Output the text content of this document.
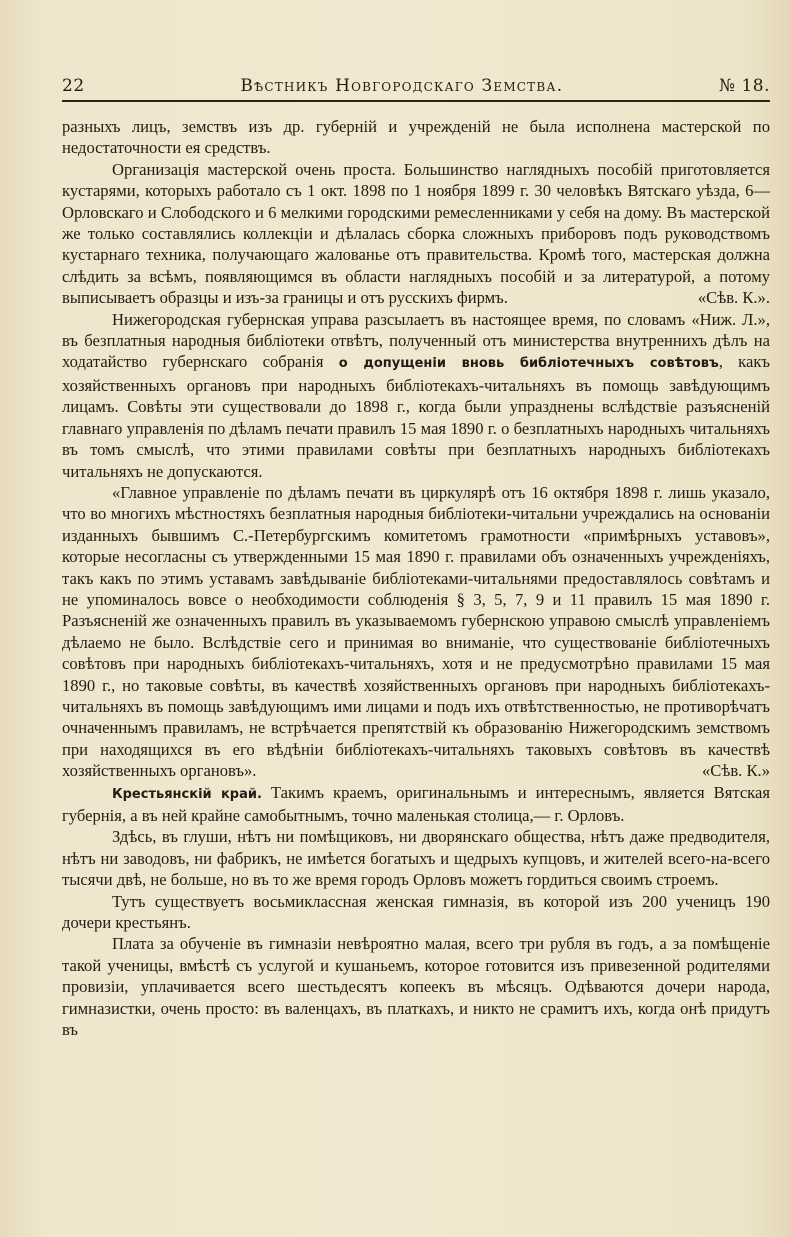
22	Вѣстникъ Новгородскаго Земства.	№ 18.

разныхъ лицъ, земствъ изъ др. губерній и учрежденій не была исполнена мастерской по недостаточности ея средствъ.

Организація мастерской очень проста. Большинство наглядныхъ пособій приготовляется кустарями, которыхъ работало съ 1 окт. 1898 по 1 ноября 1899 г. 30 человѣкъ Вятскаго уѣзда, 6—Орловскаго и Слободского и 6 мелкими городскими ремесленниками у себя на дому. Въ мастерской же только составлялись коллекціи и дѣлалась сборка сложныхъ приборовъ подъ руководствомъ кустарнаго техника, получающаго жалованье отъ правительства. Кромѣ того, мастерская должна слѣдить за всѣмъ, появляющимся въ области наглядныхъ пособій и за литературой, а потому выписываетъ образцы и изъ-за границы и отъ русскихъ фирмъ.	«Сѣв. К.».

Нижегородская губернская управа разсылаетъ въ настоящее время, по словамъ «Ниж. Л.», въ безплатныя народныя библіотеки отвѣтъ, полученный отъ министерства внутреннихъ дѣлъ на ходатайство губернскаго собранія о допущеніи вновь библіотечныхъ совѣтовъ, какъ хозяйственныхъ органовъ при народныхъ библіотекахъ-читальняхъ въ помощь завѣдующимъ лицамъ. Совѣты эти существовали до 1898 г., когда были упразднены вслѣдствіе разъясненій главнаго управленія по дѣламъ печати правилъ 15 мая 1890 г. о безплатныхъ народныхъ читальняхъ въ томъ смыслѣ, что этими правилами совѣты при безплатныхъ народныхъ библіотекахъ читальняхъ не допускаются.

«Главное управленіе по дѣламъ печати въ циркулярѣ отъ 16 октября 1898 г. лишь указало, что во многихъ мѣстностяхъ безплатныя народныя библіотеки-читальни учреждались на основаніи изданныхъ бывшимъ С.-Петербургскимъ комитетомъ грамотности «примѣрныхъ уставовъ», которые несогласны съ утвержденными 15 мая 1890 г. правилами объ означенныхъ учрежденіяхъ, такъ какъ по этимъ уставамъ завѣдываніе библіотеками-читальнями предоставлялось совѣтамъ и не упоминалось вовсе о необходимости соблюденія § 3, 5, 7, 9 и 11 правилъ 15 мая 1890 г. Разъясненій же означенныхъ правилъ въ указываемомъ губернскою управою смыслѣ управленіемъ дѣлаемо не было. Вслѣдствіе сего и принимая во вниманіе, что существованіе библіотечныхъ совѣтовъ при народныхъ библіотекахъ-читальняхъ, хотя и не предусмотрѣно правилами 15 мая 1890 г., но таковые совѣты, въ качествѣ хозяйственныхъ органовъ при народныхъ библіотекахъ-читальняхъ въ помощь завѣдующимъ ими лицами и подъ ихъ отвѣтственностью, не противорѣчатъ очначеннымъ правиламъ, не встрѣчается препятствій къ образованію Нижегородскимъ земствомъ при находящихся въ его вѣдѣніи библіотекахъ-читальняхъ таковыхъ совѣтовъ въ качествѣ хозяйственныхъ органовъ».	«Сѣв. К.»

Крестьянскій край. Такимъ краемъ, оригинальнымъ и интереснымъ, является Вятская губернія, а въ ней крайне самобытнымъ, точно маленькая столица,— г. Орловъ.

Здѣсь, въ глуши, нѣтъ ни помѣщиковъ, ни дворянскаго общества, нѣтъ даже предводителя, нѣтъ ни заводовъ, ни фабрикъ, не имѣется богатыхъ и щедрыхъ купцовъ, и жителей всего-на-всего тысячи двѣ, не больше, но въ то же время городъ Орловъ можетъ гордиться своимъ строемъ.

Тутъ существуетъ восьмиклассная женская гимназія, въ которой изъ 200 ученицъ 190 дочери крестьянъ.

Плата за обученіе въ гимназіи невѣроятно малая, всего три рубля въ годъ, а за помѣщеніе такой ученицы, вмѣстѣ съ услугой и кушаньемъ, которое готовится изъ привезенной родителями провизіи, уплачивается всего шестьдесятъ копеекъ въ мѣсяцъ. Одѣваются дочери народа, гимназистки, очень просто: въ валенцахъ, въ платкахъ, и никто не срамитъ ихъ, когда онѣ придутъ въ
